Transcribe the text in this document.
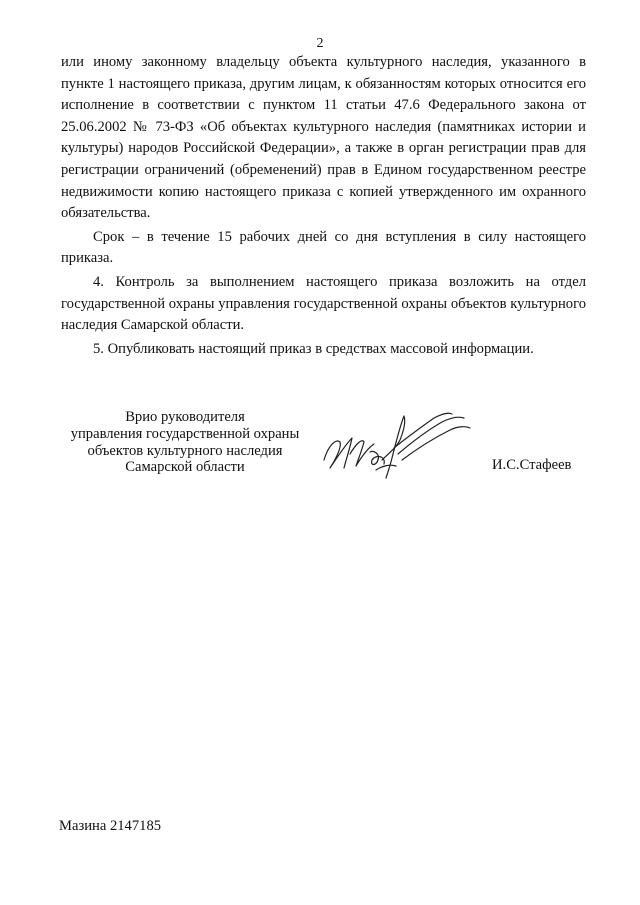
2

или иному законному владельцу объекта культурного наследия, указанного в пункте 1 настоящего приказа, другим лицам, к обязанностям которых относится его исполнение в соответствии с пунктом 11 статьи 47.6 Федерального закона от 25.06.2002 № 73-ФЗ «Об объектах культурного наследия (памятниках истории и культуры) народов Российской Федерации», а также в орган регистрации прав для регистрации ограничений (обременений) прав в Едином государственном реестре недвижимости копию настоящего приказа с копией утвержденного им охранного обязательства.

Срок – в течение 15 рабочих дней со дня вступления в силу настоящего приказа.

4. Контроль за выполнением настоящего приказа возложить на отдел государственной охраны управления государственной охраны объектов культурного наследия Самарской области.

5. Опубликовать настоящий приказ в средствах массовой информации.

Врио руководителя
управления государственной охраны
объектов культурного наследия
Самарской области	И.С.Стафеев
Мазина 2147185
